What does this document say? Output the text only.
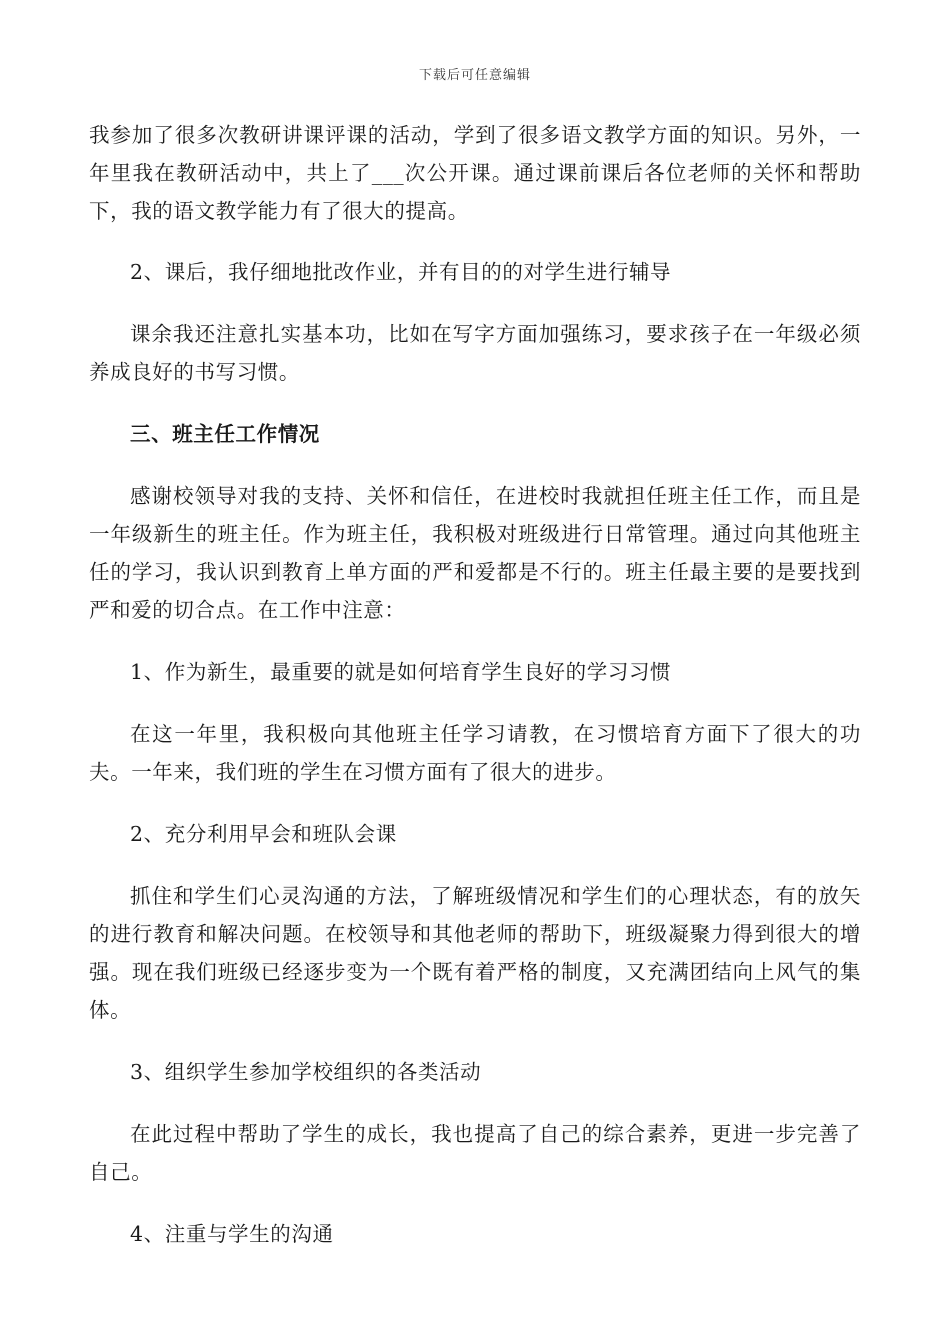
下载后可任意编辑

我参加了很多次教研讲课评课的活动，学到了很多语文教学方面的知识。另外，一年里我在教研活动中，共上了___次公开课。通过课前课后各位老师的关怀和帮助下，我的语文教学能力有了很大的提高。

2、课后，我仔细地批改作业，并有目的的对学生进行辅导

课余我还注意扎实基本功，比如在写字方面加强练习，要求孩子在一年级必须养成良好的书写习惯。

三、班主任工作情况

感谢校领导对我的支持、关怀和信任，在进校时我就担任班主任工作，而且是一年级新生的班主任。作为班主任，我积极对班级进行日常管理。通过向其他班主任的学习，我认识到教育上单方面的严和爱都是不行的。班主任最主要的是要找到严和爱的切合点。在工作中注意：

1、作为新生，最重要的就是如何培育学生良好的学习习惯

在这一年里，我积极向其他班主任学习请教，在习惯培育方面下了很大的功夫。一年来，我们班的学生在习惯方面有了很大的进步。

2、充分利用早会和班队会课

抓住和学生们心灵沟通的方法，了解班级情况和学生们的心理状态，有的放矢的进行教育和解决问题。在校领导和其他老师的帮助下，班级凝聚力得到很大的增强。现在我们班级已经逐步变为一个既有着严格的制度，又充满团结向上风气的集体。

3、组织学生参加学校组织的各类活动

在此过程中帮助了学生的成长，我也提高了自己的综合素养，更进一步完善了自己。

4、注重与学生的沟通
